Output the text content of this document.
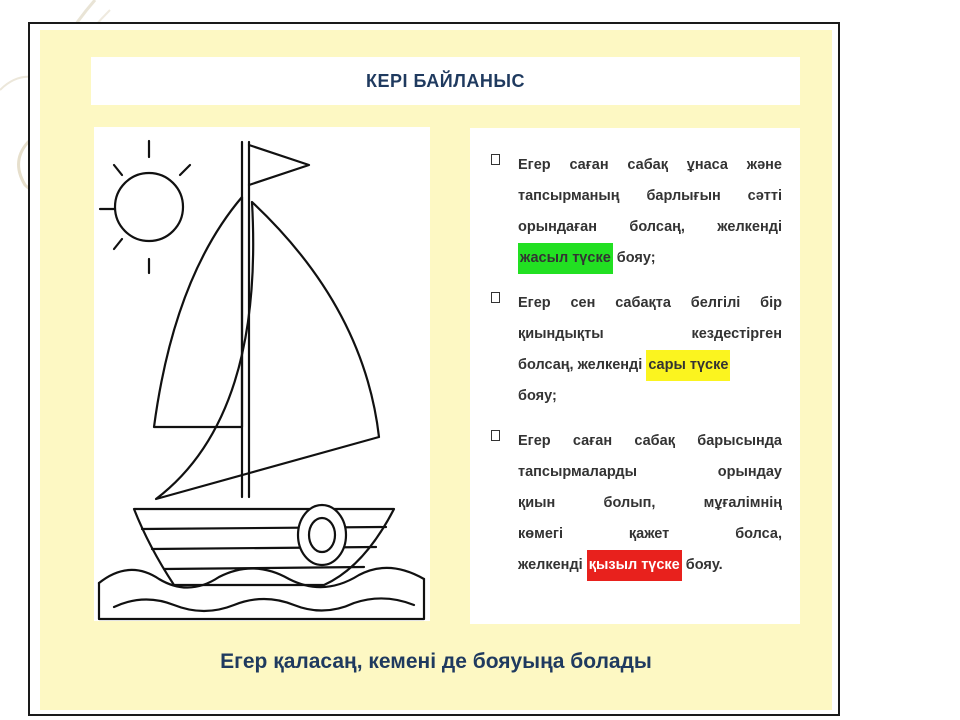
КЕРІ БАЙЛАНЫС
Егер саған сабақ ұнаса және
тапсырманың барлығын сәтті
орындаған болсаң, желкенді
жасыл түске бояу;
Егер сен сабақта белгілі бір
қиындықты	кездестірген
болсаң, желкенді сары түске
бояу;
Егер саған сабақ барысында
тапсырмаларды	орындау
қиын	болып,	мұғалімнің
көмегі	қажет	болса,
желкенді қызыл түске бояу.
Егер қаласаң, кемені де бояуыңа болады
